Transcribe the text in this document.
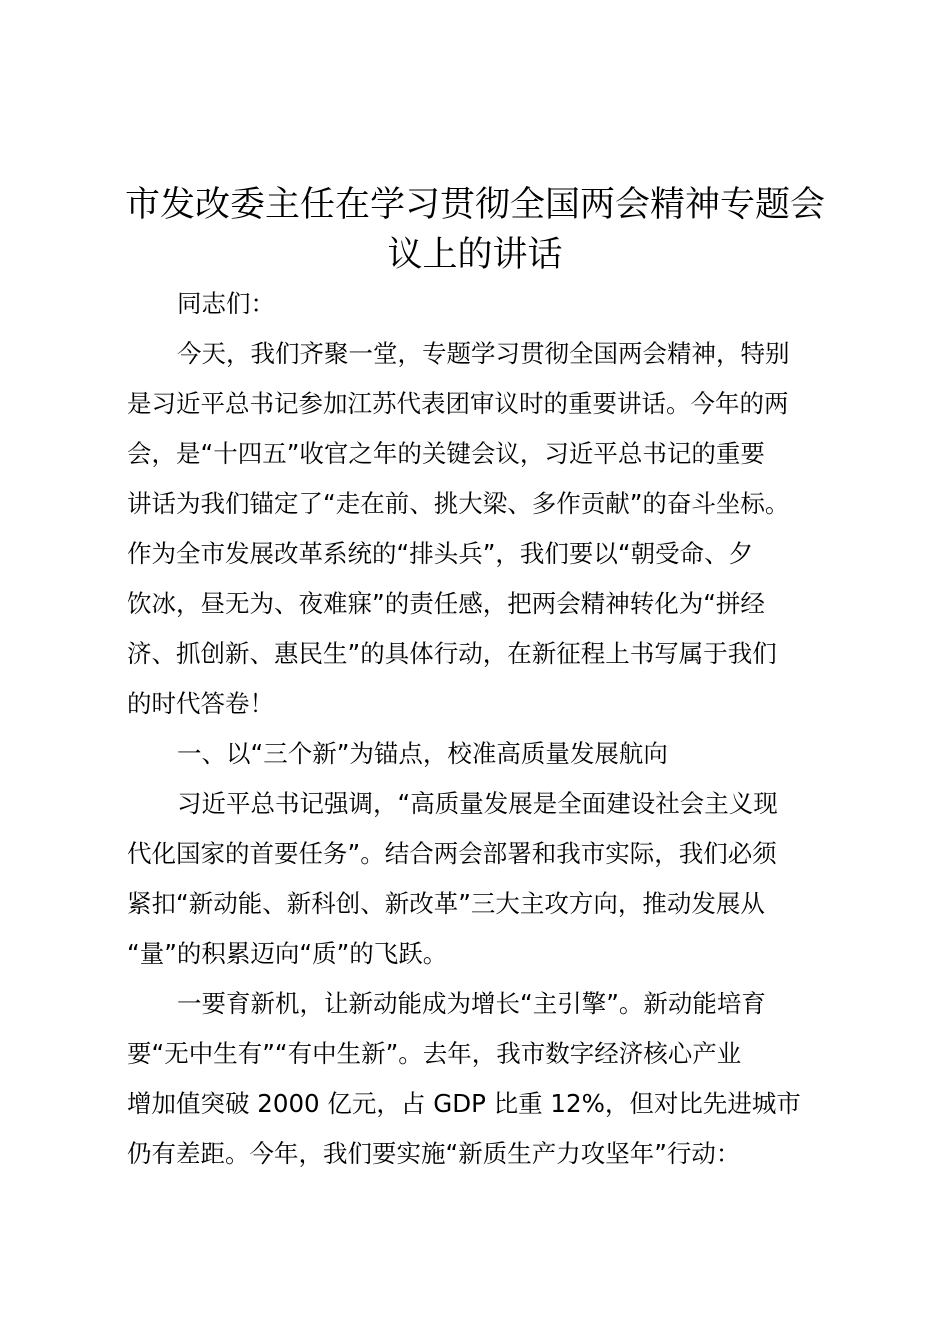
市发改委主任在学习贯彻全国两会精神专题会
议上的讲话
同志们：
今天，我们齐聚一堂，专题学习贯彻全国两会精神，特别
是习近平总书记参加江苏代表团审议时的重要讲话。今年的两
会，是“十四五”收官之年的关键会议，习近平总书记的重要
讲话为我们锚定了“走在前、挑大梁、多作贡献”的奋斗坐标。
作为全市发展改革系统的“排头兵”，我们要以“朝受命、夕
饮冰，昼无为、夜难寐”的责任感，把两会精神转化为“拼经
济、抓创新、惠民生”的具体行动，在新征程上书写属于我们
的时代答卷！
一、以“三个新”为锚点，校准高质量发展航向
习近平总书记强调，“高质量发展是全面建设社会主义现
代化国家的首要任务”。结合两会部署和我市实际，我们必须
紧扣“新动能、新科创、新改革”三大主攻方向，推动发展从
“量”的积累迈向“质”的飞跃。
一要育新机，让新动能成为增长“主引擎”。新动能培育
要“无中生有”“有中生新”。去年，我市数字经济核心产业
增加值突破 2000 亿元，占 GDP 比重 12%，但对比先进城市
仍有差距。今年，我们要实施“新质生产力攻坚年”行动：
